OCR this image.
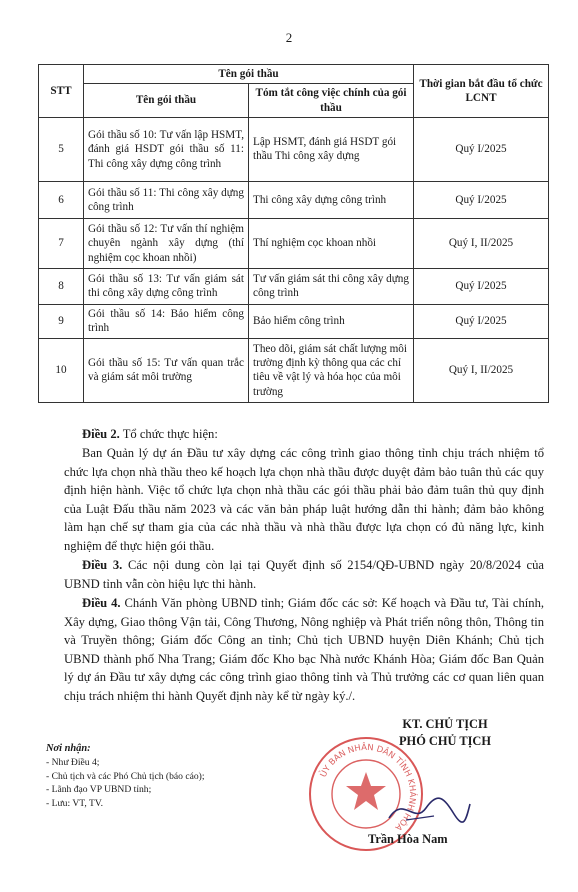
2
STT	Tên gói thầu		Thời gian bắt đầu tổ chức LCNT
	Tên gói thầu	Tóm tắt công việc chính của gói thầu	
5	Gói thầu số 10: Tư vấn lập HSMT, đánh giá HSDT gói thầu số 11: Thi công xây dựng công trình	Lập HSMT, đánh giá HSDT gói thầu Thi công xây dựng	Quý I/2025
6	Gói thầu số 11: Thi công xây dựng công trình	Thi công xây dựng công trình	Quý I/2025
7	Gói thầu số 12: Tư vấn thí nghiệm chuyên ngành xây dựng (thí nghiệm cọc khoan nhồi)	Thí nghiệm cọc khoan nhồi	Quý I, II/2025
8	Gói thầu số 13: Tư vấn giám sát thi công xây dựng công trình	Tư vấn giám sát thi công xây dựng công trình	Quý I/2025
9	Gói thầu số 14: Bảo hiểm công trình	Bảo hiểm công trình	Quý I/2025
10	Gói thầu số 15: Tư vấn quan trắc và giám sát môi trường	Theo dõi, giám sát chất lượng môi trường định kỳ thông qua các chỉ tiêu về vật lý và hóa học của môi trường	Quý I, II/2025

Điều 2. Tổ chức thực hiện:

Ban Quản lý dự án Đầu tư xây dựng các công trình giao thông tỉnh chịu trách nhiệm tổ chức lựa chọn nhà thầu theo kế hoạch lựa chọn nhà thầu được duyệt đảm bảo tuân thủ các quy định hiện hành. Việc tổ chức lựa chọn nhà thầu các gói thầu phải bảo đảm tuân thủ quy định của Luật Đấu thầu năm 2023 và các văn bản pháp luật hướng dẫn thi hành; đảm bảo không làm hạn chế sự tham gia của các nhà thầu và nhà thầu được lựa chọn có đủ năng lực, kinh nghiệm để thực hiện gói thầu.

Điều 3. Các nội dung còn lại tại Quyết định số 2154/QĐ-UBND ngày 20/8/2024 của UBND tỉnh vẫn còn hiệu lực thi hành.

Điều 4. Chánh Văn phòng UBND tỉnh; Giám đốc các sở: Kế hoạch và Đầu tư, Tài chính, Xây dựng, Giao thông Vận tải, Công Thương, Nông nghiệp và Phát triển nông thôn, Thông tin và Truyền thông; Giám đốc Công an tỉnh; Chủ tịch UBND huyện Diên Khánh; Chủ tịch UBND thành phố Nha Trang; Giám đốc Kho bạc Nhà nước Khánh Hòa; Giám đốc Ban Quản lý dự án Đầu tư xây dựng các công trình giao thông tỉnh và Thủ trưởng các cơ quan liên quan chịu trách nhiệm thi hành Quyết định này kể từ ngày ký./.

Nơi nhận:
- Như Điều 4;
- Chủ tịch và các Phó Chủ tịch (báo cáo);
- Lãnh đạo VP UBND tỉnh;
- Lưu: VT, TV.
ỦY BAN NHÂN DÂN TỈNH KHÁNH HÒA
KT. CHỦ TỊCH
PHÓ CHỦ TỊCH
Trần Hòa Nam
